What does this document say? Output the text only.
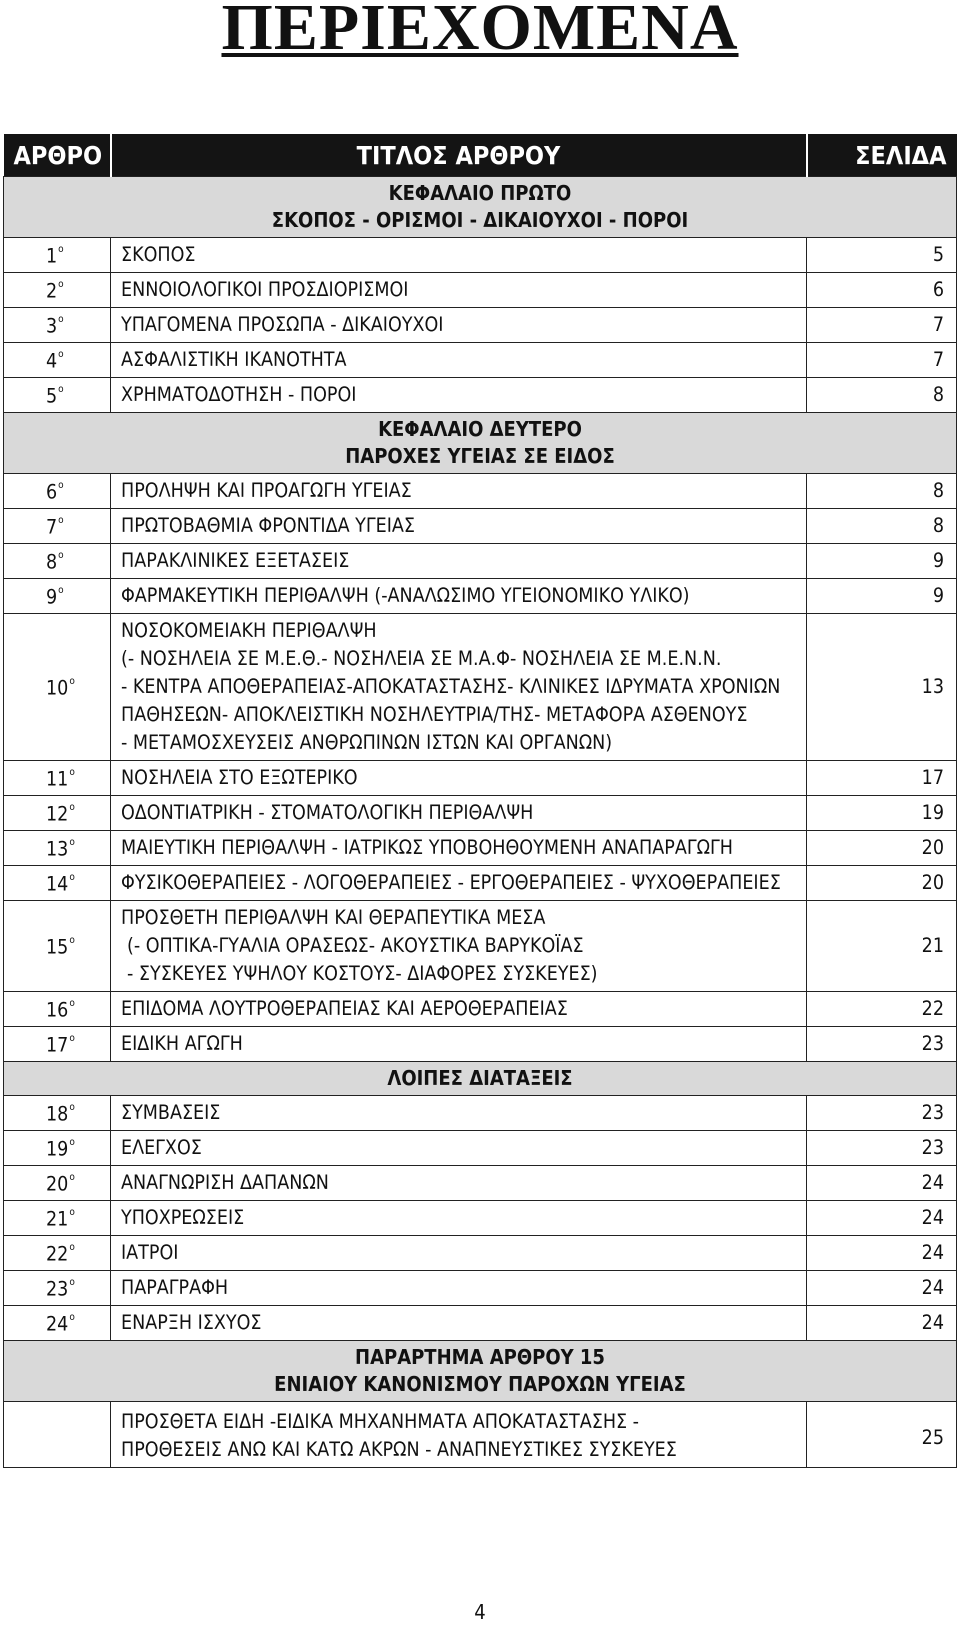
ΠΕΡΙΕΧΟΜΕΝΑ
ΑΡΘΡΟ	ΤΙΤΛΟΣ ΑΡΘΡΟΥ	ΣΕΛΙΔΑ

ΚΕΦΑΛΑΙΟ ΠΡΩΤΟ
ΣΚΟΠΟΣ - ΟΡΙΣΜΟΙ - ΔΙΚΑΙΟΥΧΟΙ - ΠΟΡΟΙ		

$1^o$	ΣΚΟΠΟΣ	5
$2^o$	ΕΝΝΟΙΟΛΟΓΙΚΟΙ ΠΡΟΣΔΙΟΡΙΣΜΟΙ	6
$3^o$	ΥΠΑΓΟΜΕΝΑ ΠΡΟΣΩΠΑ - ΔΙΚΑΙΟΥΧΟΙ	7
$4^o$	ΑΣΦΑΛΙΣΤΙΚΗ ΙΚΑΝΟΤΗΤΑ	7
$5^o$	ΧΡΗΜΑΤΟΔΟΤΗΣΗ - ΠΟΡΟΙ	8

ΚΕΦΑΛΑΙΟ ΔΕΥΤΕΡΟ
ΠΑΡΟΧΕΣ ΥΓΕΙΑΣ ΣΕ ΕΙΔΟΣ		

$6^o$	ΠΡΟΛΗΨΗ ΚΑΙ ΠΡΟΑΓΩΓΗ ΥΓΕΙΑΣ	8
$7^o$	ΠΡΩΤΟΒΑΘΜΙΑ ΦΡΟΝΤΙΔΑ ΥΓΕΙΑΣ	8
$8^o$	ΠΑΡΑΚΛΙΝΙΚΕΣ ΕΞΕΤΑΣΕΙΣ	9
$9^o$	ΦΑΡΜΑΚΕΥΤΙΚΗ ΠΕΡΙΘΑΛΨΗ (-ΑΝΑΛΩΣΙΜΟ ΥΓΕΙΟΝΟΜΙΚΟ ΥΛΙΚΟ)	9
$10^o$	ΝΟΣΟΚΟΜΕΙΑΚΗ ΠΕΡΙΘΑΛΨΗ
(- ΝΟΣΗΛΕΙΑ ΣΕ Μ.Ε.Θ.- ΝΟΣΗΛΕΙΑ ΣΕ Μ.Α.Φ- ΝΟΣΗΛΕΙΑ ΣΕ Μ.Ε.Ν.Ν.
- ΚΕΝΤΡΑ ΑΠΟΘΕΡΑΠΕΙΑΣ-ΑΠΟΚΑΤΑΣΤΑΣΗΣ- ΚΛΙΝΙΚΕΣ ΙΔΡΥΜΑΤΑ ΧΡΟΝΙΩΝ
ΠΑΘΗΣΕΩΝ- ΑΠΟΚΛΕΙΣΤΙΚΗ ΝΟΣΗΛΕΥΤΡΙΑ/ΤΗΣ- ΜΕΤΑΦΟΡΑ ΑΣΘΕΝΟΥΣ
- ΜΕΤΑΜΟΣΧΕΥΣΕΙΣ ΑΝΘΡΩΠΙΝΩΝ ΙΣΤΩΝ ΚΑΙ ΟΡΓΑΝΩΝ)	13
$11^o$	ΝΟΣΗΛΕΙΑ ΣΤΟ ΕΞΩΤΕΡΙΚΟ	17
$12^o$	ΟΔΟΝΤΙΑΤΡΙΚΗ - ΣΤΟΜΑΤΟΛΟΓΙΚΗ ΠΕΡΙΘΑΛΨΗ	19
$13^o$	ΜΑΙΕΥΤΙΚΗ ΠΕΡΙΘΑΛΨΗ - ΙΑΤΡΙΚΩΣ ΥΠΟΒΟΗΘΟΥΜΕΝΗ ΑΝΑΠΑΡΑΓΩΓΗ	20
$14^o$	ΦΥΣΙΚΟΘΕΡΑΠΕΙΕΣ - ΛΟΓΟΘΕΡΑΠΕΙΕΣ - ΕΡΓΟΘΕΡΑΠΕΙΕΣ - ΨΥΧΟΘΕΡΑΠΕΙΕΣ	20
$15^o$	ΠΡΟΣΘΕΤΗ ΠΕΡΙΘΑΛΨΗ ΚΑΙ ΘΕΡΑΠΕΥΤΙΚΑ ΜΕΣΑ
(- ΟΠΤΙΚΑ-ΓΥΑΛΙΑ ΟΡΑΣΕΩΣ- ΑΚΟΥΣΤΙΚΑ ΒΑΡΥΚΟΪΑΣ
- ΣΥΣΚΕΥΕΣ ΥΨΗΛΟΥ ΚΟΣΤΟΥΣ- ΔΙΑΦΟΡΕΣ ΣΥΣΚΕΥΕΣ)	21
$16^o$	ΕΠΙΔΟΜΑ ΛΟΥΤΡΟΘΕΡΑΠΕΙΑΣ ΚΑΙ ΑΕΡΟΘΕΡΑΠΕΙΑΣ	22
$17^o$	ΕΙΔΙΚΗ ΑΓΩΓΗ	23

ΛΟΙΠΕΣ ΔΙΑΤΑΞΕΙΣ		

$18^o$	ΣΥΜΒΑΣΕΙΣ	23
$19^o$	ΕΛΕΓΧΟΣ	23
$20^o$	ΑΝΑΓΝΩΡΙΣΗ ΔΑΠΑΝΩΝ	24
$21^o$	ΥΠΟΧΡΕΩΣΕΙΣ	24
$22^o$	ΙΑΤΡΟΙ	24
$23^o$	ΠΑΡΑΓΡΑΦΗ	24
$24^o$	ΕΝΑΡΞΗ ΙΣΧΥΟΣ	24

ΠΑΡΑΡΤΗΜΑ ΑΡΘΡΟΥ 15
ΕΝΙΑΙΟΥ ΚΑΝΟΝΙΣΜΟΥ ΠΑΡΟΧΩΝ ΥΓΕΙΑΣ		

	ΠΡΟΣΘΕΤΑ ΕΙΔΗ -ΕΙΔΙΚΑ ΜΗΧΑΝΗΜΑΤΑ ΑΠΟΚΑΤΑΣΤΑΣΗΣ -
ΠΡΟΘΕΣΕΙΣ ΑΝΩ ΚΑΙ ΚΑΤΩ ΑΚΡΩΝ - ΑΝΑΠΝΕΥΣΤΙΚΕΣ ΣΥΣΚΕΥΕΣ	25
4
